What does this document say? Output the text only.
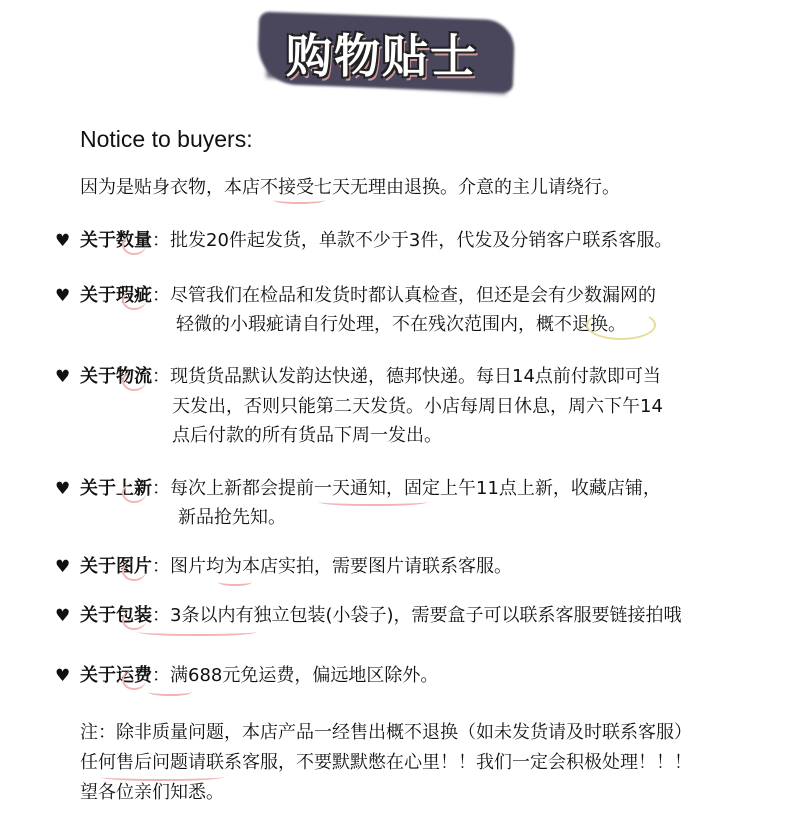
购物贴士
Notice to buyers:
因为是贴身衣物，本店不接受七天无理由退换。介意的主儿请绕行。
♥ 关于数量：批发20件起发货，单款不少于3件，代发及分销客户联系客服。
♥ 关于瑕疵：尽管我们在检品和发货时都认真检查，但还是会有少数漏网的
轻微的小瑕疵请自行处理，不在残次范围内，概不退换。
♥ 关于物流：现货货品默认发韵达快递，德邦快递。每日14点前付款即可当
天发出，否则只能第二天发货。小店每周日休息，周六下午14
点后付款的所有货品下周一发出。
♥ 关于上新：每次上新都会提前一天通知，固定上午11点上新，收藏店铺，
新品抢先知。
♥ 关于图片：图片均为本店实拍，需要图片请联系客服。
♥ 关于包装：3条以内有独立包装(小袋子)，需要盒子可以联系客服要链接拍哦
♥ 关于运费：满688元免运费，偏远地区除外。
注：除非质量问题，本店产品一经售出概不退换（如未发货请及时联系客服）
任何售后问题请联系客服，不要默默憋在心里！！我们一定会积极处理！！！
望各位亲们知悉。
